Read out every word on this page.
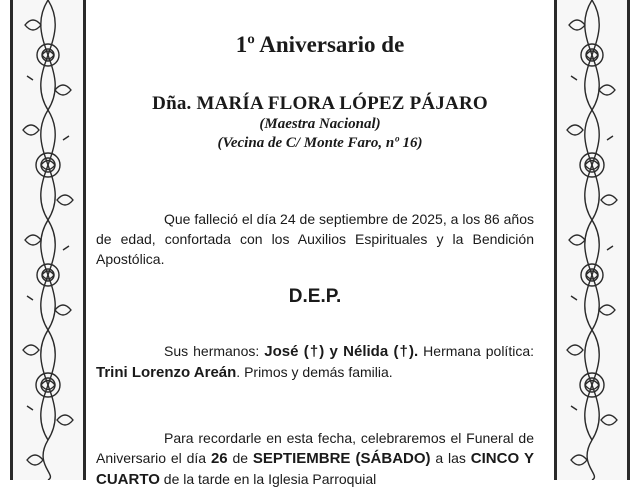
1º Aniversario de
Dña. MARÍA FLORA LÓPEZ PÁJARO
(Maestra Nacional)
(Vecina de C/ Monte Faro, nº 16)
Que falleció el día 24 de septiembre de 2025, a los 86 años de edad, confortada con los Auxilios Espirituales y la Bendición Apostólica.
D.E.P.
Sus hermanos: José (†) y Nélida (†). Hermana política: Trini Lorenzo Areán. Primos y demás familia.
Para recordarle en esta fecha, celebraremos el Funeral de Aniversario el día 26 de SEPTIEMBRE (SÁBADO) a las CINCO Y CUARTO de la tarde en la Iglesia Parroquial
